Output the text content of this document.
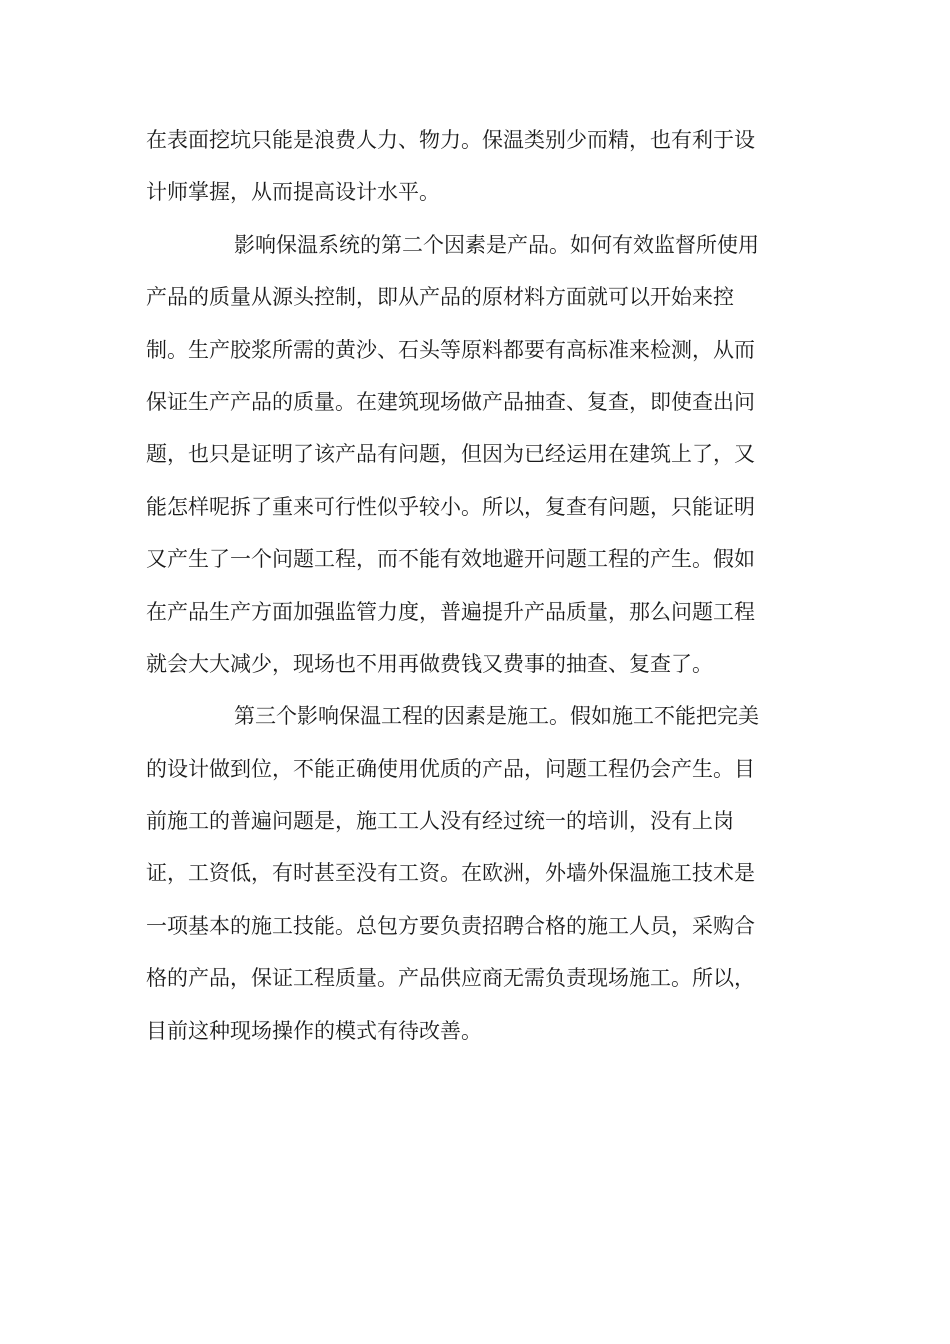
在表面挖坑只能是浪费人力、物力。保温类别少而精，也有利于设
计师掌握，从而提高设计水平。
影响保温系统的第二个因素是产品。如何有效监督所使用
产品的质量从源头控制，即从产品的原材料方面就可以开始来控
制。生产胶浆所需的黄沙、石头等原料都要有高标准来检测，从而
保证生产产品的质量。在建筑现场做产品抽查、复查，即使查出问
题，也只是证明了该产品有问题，但因为已经运用在建筑上了，又
能怎样呢拆了重来可行性似乎较小。所以，复查有问题，只能证明
又产生了一个问题工程，而不能有效地避开问题工程的产生。假如
在产品生产方面加强监管力度，普遍提升产品质量，那么问题工程
就会大大减少，现场也不用再做费钱又费事的抽查、复查了。
第三个影响保温工程的因素是施工。假如施工不能把完美
的设计做到位，不能正确使用优质的产品，问题工程仍会产生。目
前施工的普遍问题是，施工工人没有经过统一的培训，没有上岗
证，工资低，有时甚至没有工资。在欧洲，外墙外保温施工技术是
一项基本的施工技能。总包方要负责招聘合格的施工人员，采购合
格的产品，保证工程质量。产品供应商无需负责现场施工。所以，
目前这种现场操作的模式有待改善。
